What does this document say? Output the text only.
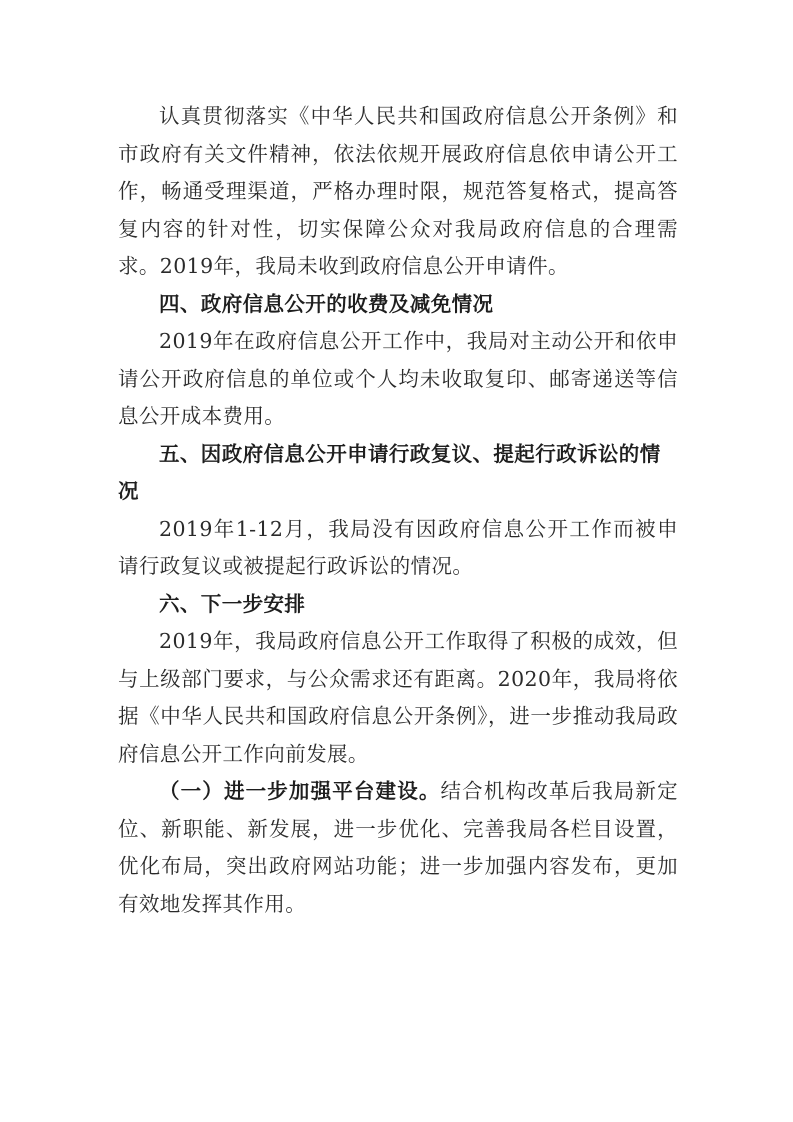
认真贯彻落实《中华人民共和国政府信息公开条例》和市政府有关文件精神，依法依规开展政府信息依申请公开工作，畅通受理渠道，严格办理时限，规范答复格式，提高答复内容的针对性，切实保障公众对我局政府信息的合理需求。2019年，我局未收到政府信息公开申请件。

四、政府信息公开的收费及减免情况

2019年在政府信息公开工作中，我局对主动公开和依申请公开政府信息的单位或个人均未收取复印、邮寄递送等信息公开成本费用。

五、因政府信息公开申请行政复议、提起行政诉讼的情况

2019年1-12月，我局没有因政府信息公开工作而被申请行政复议或被提起行政诉讼的情况。

六、下一步安排

2019年，我局政府信息公开工作取得了积极的成效，但与上级部门要求，与公众需求还有距离。2020年，我局将依据《中华人民共和国政府信息公开条例》，进一步推动我局政府信息公开工作向前发展。

（一）进一步加强平台建设。结合机构改革后我局新定位、新职能、新发展，进一步优化、完善我局各栏目设置，优化布局，突出政府网站功能；进一步加强内容发布，更加有效地发挥其作用。
